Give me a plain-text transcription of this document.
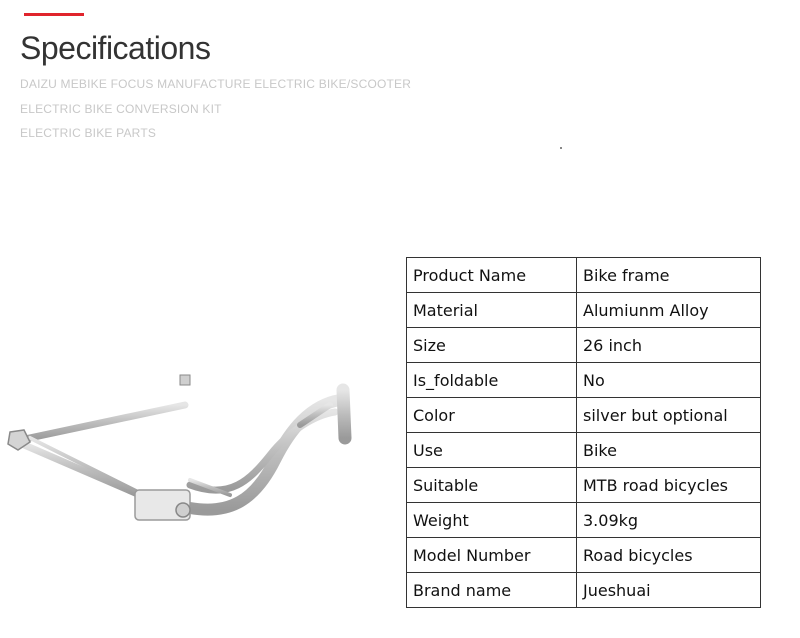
Specifications
DAIZU MEBIKE FOCUS MANUFACTURE ELECTRIC BIKE/SCOOTER
ELECTRIC BIKE CONVERSION KIT
ELECTRIC BIKE PARTS
Product Name	Bike frame
Material	Alumiunm Alloy
Size	26 inch
Is_foldable	No
Color	silver but optional
Use	Bike
Suitable	MTB road bicycles
Weight	3.09kg
Model Number	Road bicycles
Brand name	Jueshuai
